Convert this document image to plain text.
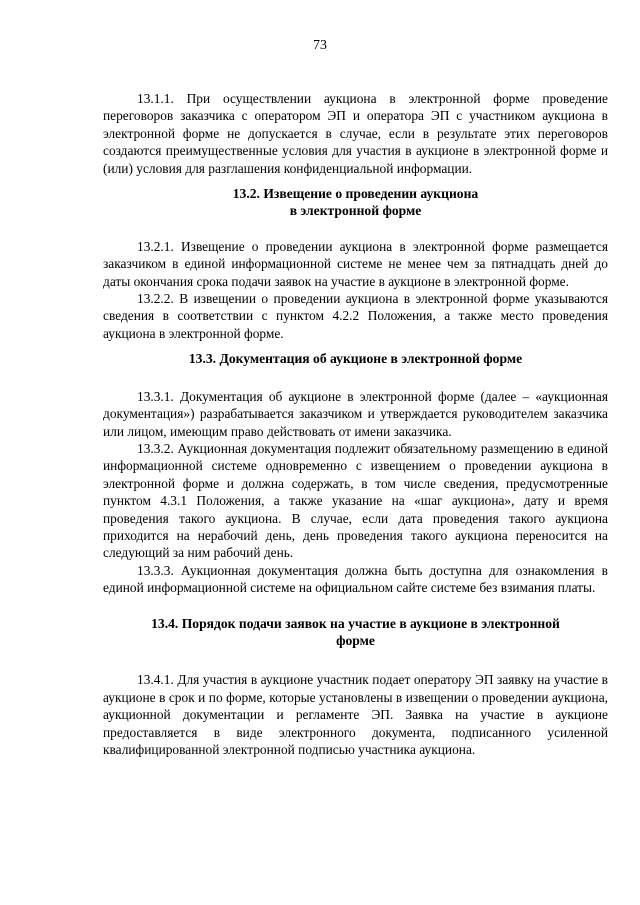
73

13.1.1. При осуществлении аукциона в электронной форме проведение переговоров заказчика с оператором ЭП и оператора ЭП с участником аукциона в электронной форме не допускается в случае, если в результате этих переговоров создаются преимущественные условия для участия в аукционе в электронной форме и (или) условия для разглашения конфиденциальной информации.

13.2. Извещение о проведении аукциона
в электронной форме

13.2.1. Извещение о проведении аукциона в электронной форме размещается заказчиком в единой информационной системе не менее чем за пятнадцать дней до даты окончания срока подачи заявок на участие в аукционе в электронной форме.

13.2.2. В извещении о проведении аукциона в электронной форме указываются сведения в соответствии с пунктом 4.2.2 Положения, а также место проведения аукциона в электронной форме.

13.3. Документация об аукционе в электронной форме

13.3.1. Документация об аукционе в электронной форме (далее – «аукционная документация») разрабатывается заказчиком и утверждается руководителем заказчика или лицом, имеющим право действовать от имени заказчика.

13.3.2. Аукционная документация подлежит обязательному размещению в единой информационной системе одновременно с извещением о проведении аукциона в электронной форме и должна содержать, в том числе сведения, предусмотренные пунктом 4.3.1 Положения, а также указание на «шаг аукциона», дату и время проведения такого аукциона. В случае, если дата проведения такого аукциона приходится на нерабочий день, день проведения такого аукциона переносится на следующий за ним рабочий день.

13.3.3. Аукционная документация должна быть доступна для ознакомления в единой информационной системе на официальном сайте системе без взимания платы.

13.4. Порядок подачи заявок на участие в аукционе в электронной
форме

13.4.1. Для участия в аукционе участник подает оператору ЭП заявку на участие в аукционе в срок и по форме, которые установлены в извещении о проведении аукциона, аукционной документации и регламенте ЭП. Заявка на участие в аукционе предоставляется в виде электронного документа, подписанного усиленной квалифицированной электронной подписью участника аукциона.
